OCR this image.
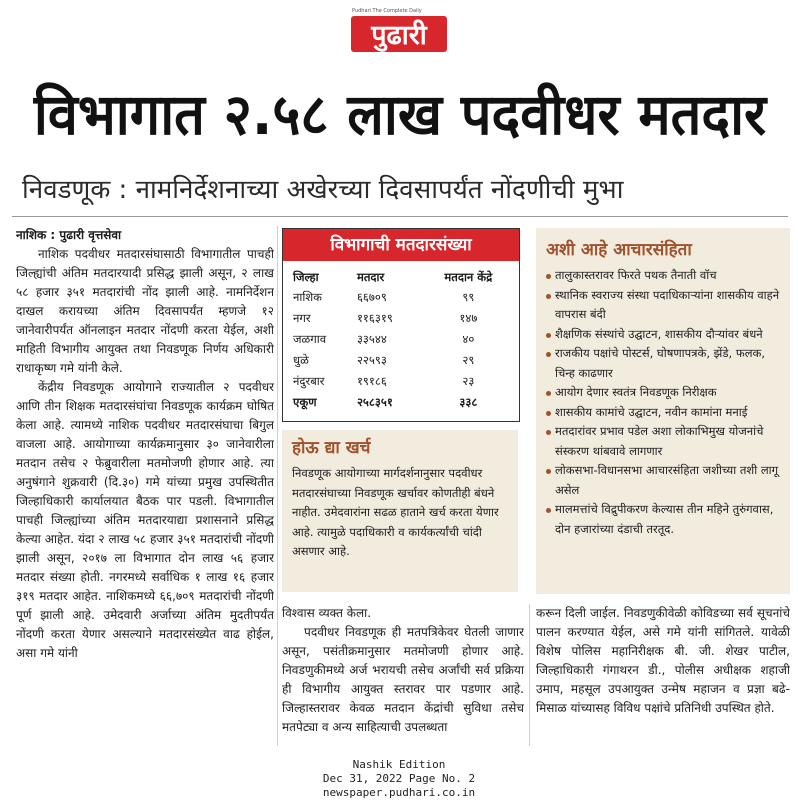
Pudhari The Complete Daily
पुढारी
विभागात २.५८ लाख पदवीधर मतदार
निवडणूक : नामनिर्देशनाच्या अखेरच्या दिवसापर्यंत नोंदणीची मुभा

नाशिक : पुढारी वृत्तसेवा

नाशिक पदवीधर मतदारसंघासाठी विभागातील पाचही जिल्ह्यांची अंतिम मतदारयादी प्रसिद्ध झाली असून, २ लाख ५८ हजार ३५१ मतदारांची नोंद झाली आहे. नामनिर्देशन दाखल करायच्या अंतिम दिवसापर्यंत म्हणजे १२ जानेवारीपर्यंत ऑनलाइन मतदार नोंदणी करता येईल, अशी माहिती विभागीय आयुक्त तथा निवडणूक निर्णय अधिकारी राधाकृष्ण गमे यांनी केले.

केंद्रीय निवडणूक आयोगाने राज्यातील २ पदवीधर आणि तीन शिक्षक मतदारसंघांचा निवडणूक कार्यक्रम घोषित केला आहे. त्यामध्ये नाशिक पदवीधर मतदारसंघाचा बिगुल वाजला आहे. आयोगाच्या कार्यक्रमानुसार ३० जानेवारीला मतदान तसेच २ फेब्रुवारीला मतमोजणी होणार आहे. त्या अनुषंगाने शुक्रवारी (दि.३०) गमे यांच्या प्रमुख उपस्थितीत जिल्हाधिकारी कार्यालयात बैठक पार पडली. विभागातील पाचही जिल्ह्यांच्या अंतिम मतदारयाद्या प्रशासनाने प्रसिद्ध केल्या आहेत. यंदा २ लाख ५८ हजार ३५१ मतदारांची नोंदणी झाली असून, २०१७ ला विभागात दोन लाख ५६ हजार मतदार संख्या होती. नगरमध्ये सर्वाधिक १ लाख १६ हजार ३१९ मतदार आहेत. नाशिकमध्ये ६६,७०९ मतदारांची नोंदणी पूर्ण झाली आहे. उमेदवारी अर्जाच्या अंतिम मुदतीपर्यंत नोंदणी करता येणार असल्याने मतदारसंख्येत वाढ होईल, असा गमे यांनी

विभागाची मतदारसंख्या
जिल्हा	मतदार	मतदान केंद्रे
नाशिक	६६७०९	९९
नगर	११६३१९	१४७
जळगाव	३३५४४	४०
धुळे	२२५९३	२९
नंदुरबार	१९१८६	२३
एकूण	२५८३५१	३३८
होऊ द्या खर्च
निवडणूक आयोगाच्या मार्गदर्शनानुसार पदवीधर मतदारसंघाच्या निवडणूक खर्चावर कोणतीही बंधने नाहीत. उमेदवारांना सढळ हाताने खर्च करता येणार आहे. त्यामुळे पदाधिकारी व कार्यकर्त्यांची चांदी असणार आहे.
अशी आहे आचारसंहिता
तालुकास्तरावर फिरते पथक तैनाती वॉच
स्थानिक स्वराज्य संस्था पदाधिकाऱ्यांना शासकीय वाहने वापरास बंदी
शैक्षणिक संस्थांचे उद्घाटन, शासकीय दौऱ्यांवर बंधने
राजकीय पक्षांचे पोस्टर्स, घोषणापत्रके, झेंडे, फलक, चिन्ह काढणार
आयोग देणार स्वतंत्र निवडणूक निरीक्षक
शासकीय कामांचे उद्घाटन, नवीन कामांना मनाई
मतदारांवर प्रभाव पडेल अशा लोकाभिमुख योजनांचे संस्करण थांबवावे लागणार
लोकसभा-विधानसभा आचारसंहिता जशीच्या तशी लागू असेल
मालमत्तांचे विद्रुपीकरण केल्यास तीन महिने तुरुंगवास, दोन हजारांच्या दंडाची तरतूद.

विश्वास व्यक्त केला.

पदवीधर निवडणूक ही मतपत्रिकेवर घेतली जाणार असून, पसंतीक्रमानुसार मतमोजणी होणार आहे. निवडणुकीमध्ये अर्ज भरायची तसेच अर्जांची सर्व प्रक्रिया ही विभागीय आयुक्त स्तरावर पार पडणार आहे. जिल्हास्तरावर केवळ मतदान केंद्रांची सुविधा तसेच मतपेट्या व अन्य साहित्याची उपलब्धता

करून दिली जाईल. निवडणुकीवेळी कोविडच्या सर्व सूचनांचे पालन करण्यात येईल, असे गमे यांनी सांगितले. यावेळी विशेष पोलिस महानिरीक्षक बी. जी. शेखर पाटील, जिल्हाधिकारी गंगाथरन डी., पोलीस अधीक्षक शहाजी उमाप, महसूल उपआयुक्त उन्मेष महाजन व प्रज्ञा बढे-मिसाळ यांच्यासह विविध पक्षांचे प्रतिनिधी उपस्थित होते.

Nashik Edition
Dec 31, 2022 Page No. 2
newspaper.pudhari.co.in
